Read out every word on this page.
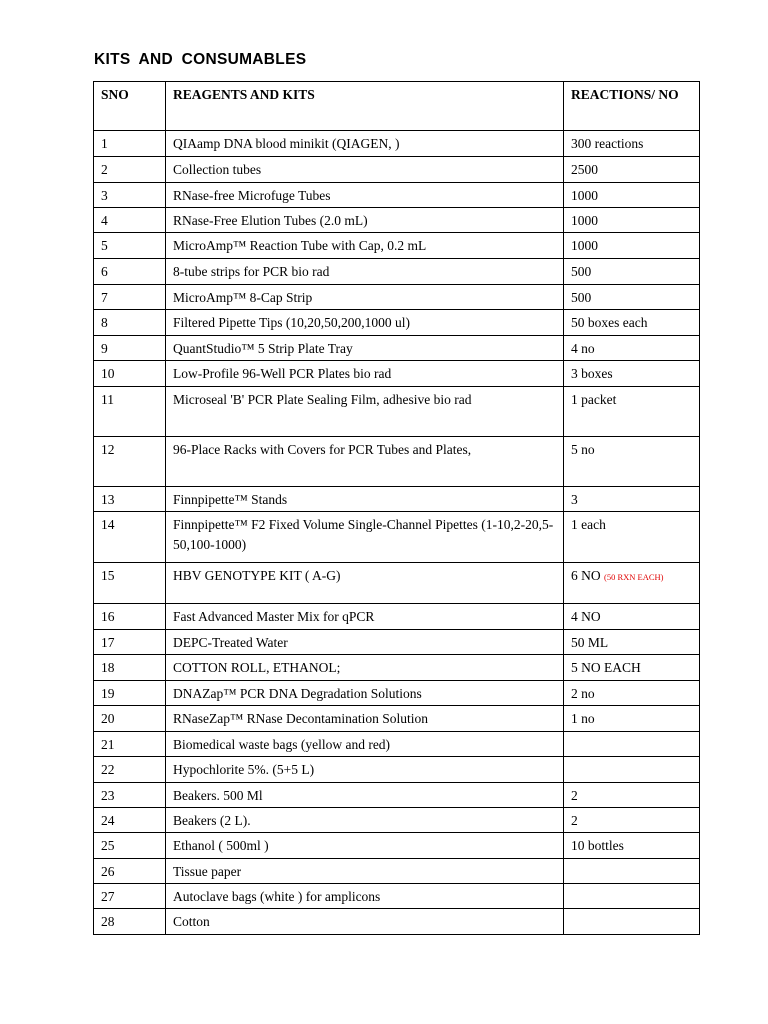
KITS AND CONSUMABLES
SNO	REAGENTS AND KITS	REACTIONS/ NO
1	QIAamp DNA blood minikit (QIAGEN, )	300 reactions
2	Collection tubes	2500
3	RNase-free Microfuge Tubes	1000
4	RNase-Free Elution Tubes (2.0 mL)	1000
5	MicroAmp™ Reaction Tube with Cap, 0.2 mL	1000
6	8-tube strips for PCR bio rad	500
7	MicroAmp™ 8-Cap Strip	500
8	Filtered Pipette Tips (10,20,50,200,1000 ul)	50 boxes each
9	QuantStudio™ 5 Strip Plate Tray	4 no
10	Low-Profile 96-Well PCR Plates bio rad	3 boxes
11	Microseal 'B' PCR Plate Sealing Film, adhesive bio rad	1 packet
12	96-Place Racks with Covers for PCR Tubes and Plates,	5 no
13	Finnpipette™ Stands	3
14	Finnpipette™ F2 Fixed Volume Single-Channel Pipettes (1-10,2-20,5-50,100-1000)	1 each
15	HBV GENOTYPE KIT ( A-G)	6 NO (50 RXN EACH)
16	Fast Advanced Master Mix for qPCR	4 NO
17	DEPC-Treated Water	50 ML
18	COTTON ROLL, ETHANOL;	5 NO EACH
19	DNAZap™ PCR DNA Degradation Solutions	2 no
20	RNaseZap™ RNase Decontamination Solution	1 no
21	Biomedical waste bags (yellow and red)	
22	Hypochlorite 5%. (5+5 L)	
23	Beakers. 500 Ml	2
24	Beakers (2 L).	2
25	Ethanol ( 500ml )	10 bottles
26	Tissue paper	
27	Autoclave bags (white ) for amplicons	
28	Cotton	
